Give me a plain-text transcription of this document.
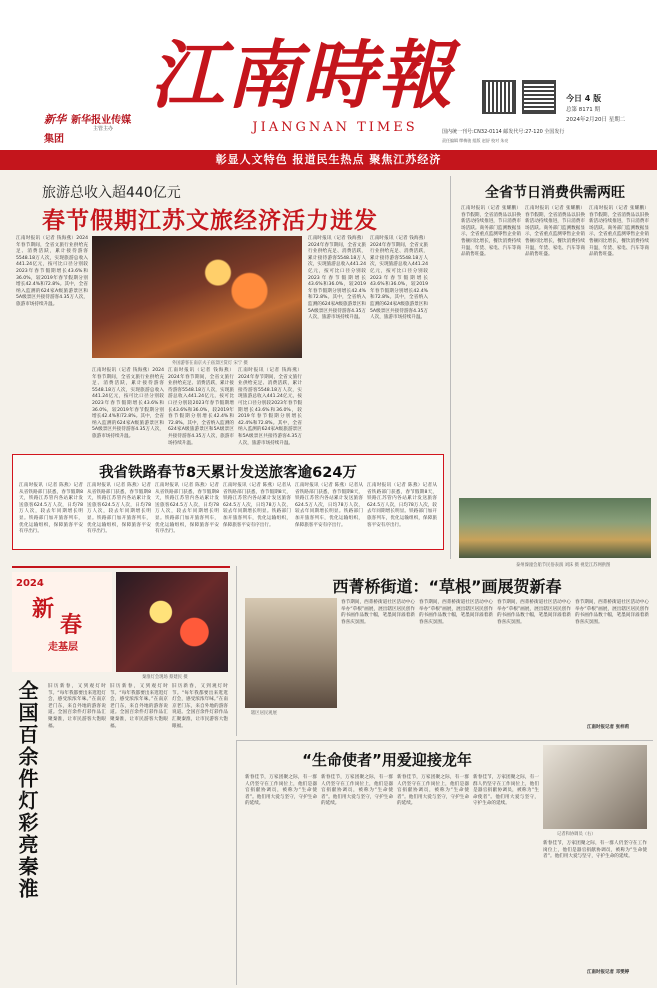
新华 新华报业传媒集团
主管主办
江南時報
JIANGNAN TIMES
今日 4 版
总第 8171 期
2024年2月20日 星期二
国内统一刊号:CN32-0114 邮发代号:27-120 全国发行
责任编辑 缪梅骏 组版 赵舒 校对 朱亮
彰显人文特色 报道民生热点 聚焦江苏经济
旅游总收入超440亿元
春节假期江苏文旅经济活力迸发
江南时报讯（记者 钱海燕）2024年春节期间，全省文旅行业供给充足、消费活跃，累计接待游客5548.18万人次，实现旅游总收入441.24亿元，按可比口径分别较2023年春节假期增长43.6%和36.0%，较2019年春节假期分别增长42.4%和72.8%。其中，全省纳入监测的624家A级旅游景区和5A级景区共接待游客4.35万人次，旅游市场持续升温。
外国游客在南京夫子庙景区赏灯 宋宁 摄
江南时报讯（记者 钱海燕）2024年春节期间，全省文旅行业供给充足、消费活跃，累计接待游客5548.18万人次，实现旅游总收入441.24亿元，按可比口径分别较2023年春节假期增长43.6%和36.0%，较2019年春节假期分别增长42.4%和72.8%。其中，全省纳入监测的624家A级旅游景区和5A级景区共接待游客4.35万人次，旅游市场持续升温。
江南时报讯（记者 钱海燕）2024年春节期间，全省文旅行业供给充足、消费活跃，累计接待游客5548.18万人次，实现旅游总收入441.24亿元，按可比口径分别较2023年春节假期增长43.6%和36.0%，较2019年春节假期分别增长42.4%和72.8%。其中，全省纳入监测的624家A级旅游景区和5A级景区共接待游客4.35万人次，旅游市场持续升温。
江南时报讯（记者 钱海燕）2024年春节期间，全省文旅行业供给充足、消费活跃，累计接待游客5548.18万人次，实现旅游总收入441.24亿元，按可比口径分别较2023年春节假期增长43.6%和36.0%，较2019年春节假期分别增长42.4%和72.8%。其中，全省纳入监测的624家A级旅游景区和5A级景区共接待游客4.35万人次，旅游市场持续升温。
江南时报讯（记者 钱海燕）2024年春节期间，全省文旅行业供给充足、消费活跃，累计接待游客5548.18万人次，实现旅游总收入441.24亿元，按可比口径分别较2023年春节假期增长43.6%和36.0%，较2019年春节假期分别增长42.4%和72.8%。其中，全省纳入监测的624家A级旅游景区和5A级景区共接待游客4.35万人次，旅游市场持续升温。
江南时报讯（记者 钱海燕）2024年春节期间，全省文旅行业供给充足、消费活跃，累计接待游客5548.18万人次，实现旅游总收入441.24亿元，按可比口径分别较2023年春节假期增长43.6%和36.0%，较2019年春节假期分别增长42.4%和72.8%。其中，全省纳入监测的624家A级旅游景区和5A级景区共接待游客4.35万人次，旅游市场持续升温。
全省节日消费供需两旺
江南时报讯（记者 张耀鹏）春节假期，全省消费品以旧换新活动持续推进，节日消费市场活跃。商务部门监测数据显示，全省重点监测零售企业销售额同比增长，餐饮消费持续升温，年货、家电、汽车等商品销售旺盛。
江南时报讯（记者 张耀鹏）春节假期，全省消费品以旧换新活动持续推进，节日消费市场活跃。商务部门监测数据显示，全省重点监测零售企业销售额同比增长，餐饮消费持续升温，年货、家电、汽车等商品销售旺盛。
江南时报讯（记者 张耀鹏）春节假期，全省消费品以旧换新活动持续推进，节日消费市场活跃。商务部门监测数据显示，全省重点监测零售企业销售额同比增长，餐饮消费持续升温，年货、家电、汽车等商品销售旺盛。
泰州溱潼会船节民俗表演 刘沫 摄 视觉江苏网供图
我省铁路春节8天累计发送旅客逾624万
江南时报讯（记者 陈燕）记者从省铁路部门获悉，春节假期8天，铁路江苏管内各站累计发送旅客624.5万人次，日均78万人次，较去年同期增长明显。铁路部门加开旅客列车，优化运输组织，保障旅客平安有序出行。
江南时报讯（记者 陈燕）记者从省铁路部门获悉，春节假期8天，铁路江苏管内各站累计发送旅客624.5万人次，日均78万人次，较去年同期增长明显。铁路部门加开旅客列车，优化运输组织，保障旅客平安有序出行。
江南时报讯（记者 陈燕）记者从省铁路部门获悉，春节假期8天，铁路江苏管内各站累计发送旅客624.5万人次，日均78万人次，较去年同期增长明显。铁路部门加开旅客列车，优化运输组织，保障旅客平安有序出行。
江南时报讯（记者 陈燕）记者从省铁路部门获悉，春节假期8天，铁路江苏管内各站累计发送旅客624.5万人次，日均78万人次，较去年同期增长明显。铁路部门加开旅客列车，优化运输组织，保障旅客平安有序出行。
江南时报讯（记者 陈燕）记者从省铁路部门获悉，春节假期8天，铁路江苏管内各站累计发送旅客624.5万人次，日均78万人次，较去年同期增长明显。铁路部门加开旅客列车，优化运输组织，保障旅客平安有序出行。
江南时报讯（记者 陈燕）记者从省铁路部门获悉，春节假期8天，铁路江苏管内各站累计发送旅客624.5万人次，日均78万人次，较去年同期增长明显。铁路部门加开旅客列车，优化运输组织，保障旅客平安有序出行。
2024
新
春
走基层
秦淮灯会现场 蔡建民 摄
全国百余件灯彩亮秦淮	旧历新春，又到观灯时节。“每年我都要出来逛逛灯会，感受浓浓年味。”在南京老门东，来自外地的游客说道。全国百余件灯彩作品汇聚秦淮，让市民游客大饱眼福。
旧历新春，又到观灯时节。“每年我都要出来逛逛灯会，感受浓浓年味。”在南京老门东，来自外地的游客说道。全国百余件灯彩作品汇聚秦淮，让市民游客大饱眼福。
旧历新春，又到观灯时节。“每年我都要出来逛逛灯会，感受浓浓年味。”在南京老门东，来自外地的游客说道。全国百余件灯彩作品汇聚秦淮，让市民游客大饱眼福。
西菁桥街道：“草根”画展贺新春
辖区居民观展
春节期间，西菁桥街道社区活动中心举办“草根”画展，展出辖区居民创作的书画作品数十幅，笔墨间洋溢着新春喜庆氛围。
春节期间，西菁桥街道社区活动中心举办“草根”画展，展出辖区居民创作的书画作品数十幅，笔墨间洋溢着新春喜庆氛围。
春节期间，西菁桥街道社区活动中心举办“草根”画展，展出辖区居民创作的书画作品数十幅，笔墨间洋溢着新春喜庆氛围。
春节期间，西菁桥街道社区活动中心举办“草根”画展，展出辖区居民创作的书画作品数十幅，笔墨间洋溢着新春喜庆氛围。
江南时报记者 张梓莉
“生命使者”用爱迎接龙年
新春佳节，万家团聚之际，有一群人仍坚守在工作岗位上，他们是器官捐献协调员，被称为“生命使者”。他们用大爱与坚守，守护生命的延续。
新春佳节，万家团聚之际，有一群人仍坚守在工作岗位上，他们是器官捐献协调员，被称为“生命使者”。他们用大爱与坚守，守护生命的延续。
新春佳节，万家团聚之际，有一群人仍坚守在工作岗位上，他们是器官捐献协调员，被称为“生命使者”。他们用大爱与坚守，守护生命的延续。
记者和协调员（右）
新春佳节，万家团聚之际，有一群人仍坚守在工作岗位上，他们是器官捐献协调员，被称为“生命使者”。他们用大爱与坚守，守护生命的延续。
新春佳节，万家团聚之际，有一群人仍坚守在工作岗位上，他们是器官捐献协调员，被称为“生命使者”。他们用大爱与坚守，守护生命的延续。
江南时报记者 邓雯婷
